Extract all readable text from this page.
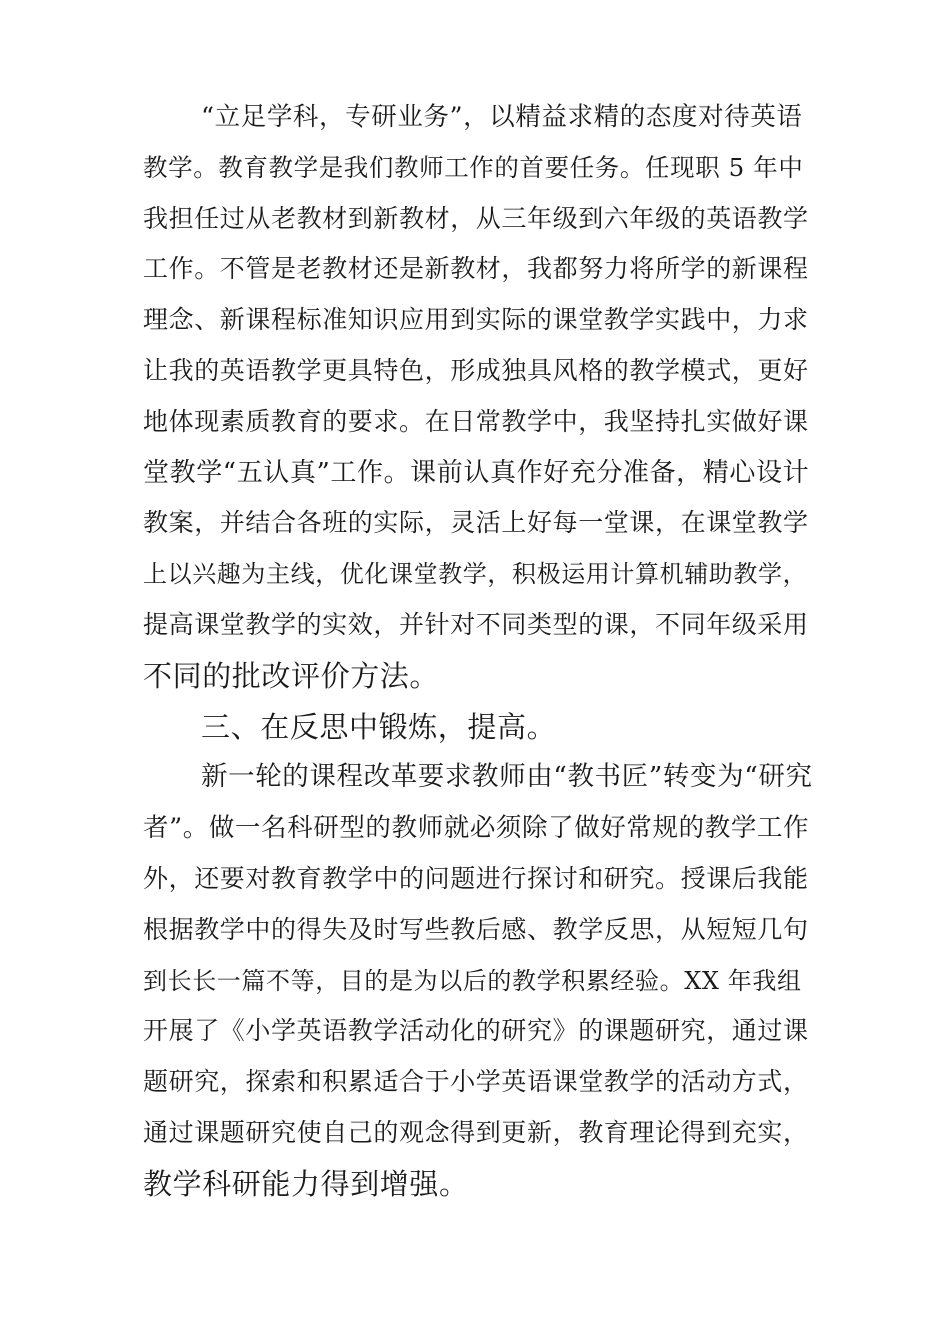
“立足学科，专研业务”，以精益求精的态度对待英语
教学。教育教学是我们教师工作的首要任务。任现职 5 年中
我担任过从老教材到新教材，从三年级到六年级的英语教学
工作。不管是老教材还是新教材，我都努力将所学的新课程
理念、新课程标准知识应用到实际的课堂教学实践中，力求
让我的英语教学更具特色，形成独具风格的教学模式，更好
地体现素质教育的要求。在日常教学中，我坚持扎实做好课
堂教学“五认真”工作。课前认真作好充分准备，精心设计
教案，并结合各班的实际，灵活上好每一堂课，在课堂教学
上以兴趣为主线，优化课堂教学，积极运用计算机辅助教学，
提高课堂教学的实效，并针对不同类型的课，不同年级采用
不同的批改评价方法。
三、在反思中锻炼，提高。
新一轮的课程改革要求教师由“教书匠”转变为“研究
者”。做一名科研型的教师就必须除了做好常规的教学工作
外，还要对教育教学中的问题进行探讨和研究。授课后我能
根据教学中的得失及时写些教后感、教学反思，从短短几句
到长长一篇不等，目的是为以后的教学积累经验。XX 年我组
开展了《小学英语教学活动化的研究》的课题研究，通过课
题研究，探索和积累适合于小学英语课堂教学的活动方式，
通过课题研究使自己的观念得到更新，教育理论得到充实，
教学科研能力得到增强。
